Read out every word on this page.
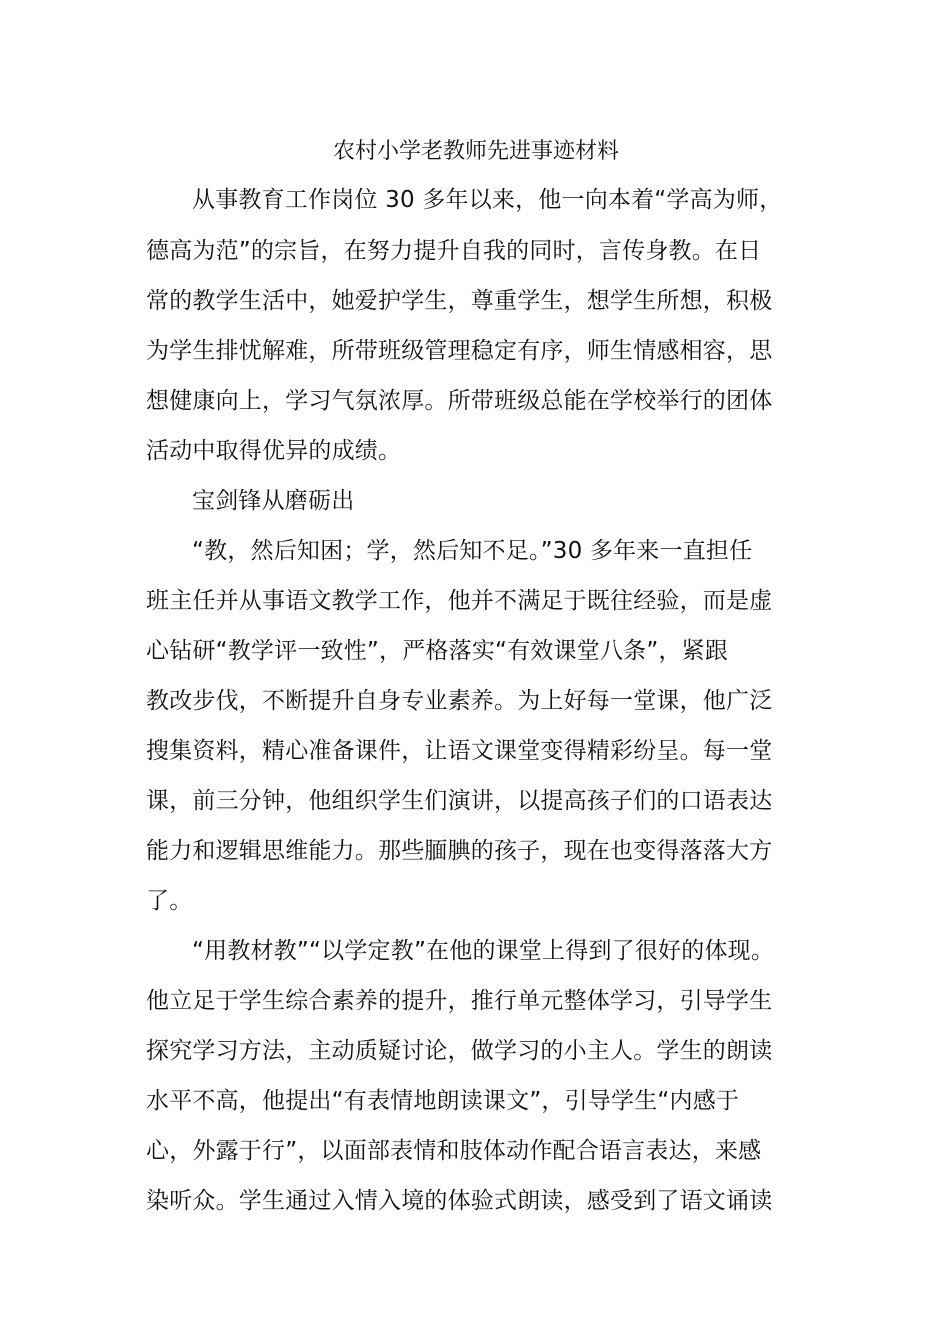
农村小学老教师先进事迹材料
从事教育工作岗位 30 多年以来，他一向本着“学高为师，
德高为范”的宗旨，在努力提升自我的同时，言传身教。在日
常的教学生活中，她爱护学生，尊重学生，想学生所想，积极
为学生排忧解难，所带班级管理稳定有序，师生情感相容，思
想健康向上，学习气氛浓厚。所带班级总能在学校举行的团体
活动中取得优异的成绩。
宝剑锋从磨砺出
“教，然后知困；学，然后知不足。”30 多年来一直担任
班主任并从事语文教学工作，他并不满足于既往经验，而是虚
心钻研“教学评一致性”，严格落实“有效课堂八条”，紧跟
教改步伐，不断提升自身专业素养。为上好每一堂课，他广泛
搜集资料，精心准备课件，让语文课堂变得精彩纷呈。每一堂
课，前三分钟，他组织学生们演讲，以提高孩子们的口语表达
能力和逻辑思维能力。那些腼腆的孩子，现在也变得落落大方
了。
“用教材教”“以学定教”在他的课堂上得到了很好的体现。
他立足于学生综合素养的提升，推行单元整体学习，引导学生
探究学习方法，主动质疑讨论，做学习的小主人。学生的朗读
水平不高，他提出“有表情地朗读课文”，引导学生“内感于
心，外露于行”，以面部表情和肢体动作配合语言表达，来感
染听众。学生通过入情入境的体验式朗读，感受到了语文诵读
